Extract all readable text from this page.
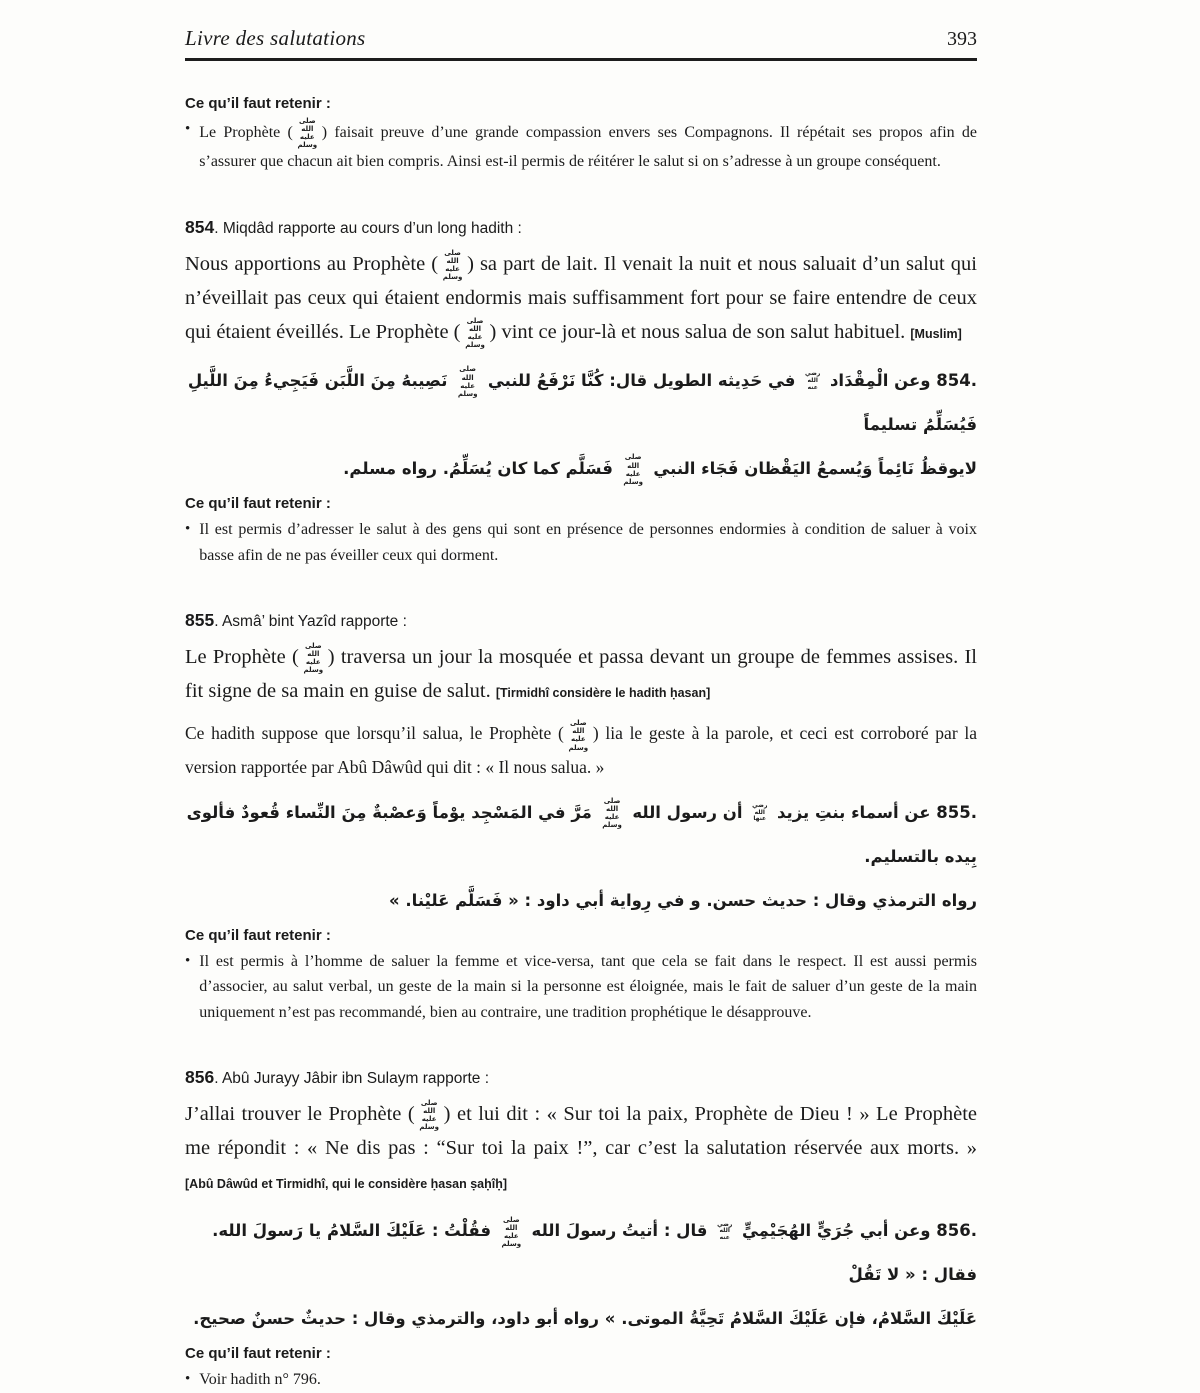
Livre des salutations	393
Ce qu’il faut retenir :
• Le Prophète (صلى الله عليه وسلم) faisait preuve d’une grande compassion envers ses Compagnons. Il répétait ses propos afin de s’assurer que chacun ait bien compris. Ainsi est-il permis de réitérer le salut si on s’adresse à un groupe conséquent.
854. Miqdâd rapporte au cours d’un long hadith :

Nous apportions au Prophète ( صلى الله عليه وسلم) sa part de lait. Il venait la nuit et nous saluait d’un salut qui n’éveillait pas ceux qui étaient endormis mais suffisamment fort pour se faire entendre de ceux qui étaient éveillés. Le Prophète ( صلى الله عليه وسلم) vint ce jour-là et nous salua de son salut habituel. [Muslim]

854. وعن الْمِقْدَاد رضي الله عنه في حَدِيثه الطويل قال: كُنَّا نَرْفَعُ للنبي صلى الله عليه وسلم نَصِيبهُ مِنَ اللَّبَن فَيَجِيءُ مِنَ اللَّيلِ فَيُسَلِّمُ تسليماً
لايوقظُ نَائِماً وَيُسمعُ اليَقْظان فَجَاء النبي صلى الله عليه وسلم فَسَلَّم كما كان يُسَلِّمُ. رواه مسلم.
Ce qu’il faut retenir :
• Il est permis d’adresser le salut à des gens qui sont en présence de personnes endormies à condition de saluer à voix basse afin de ne pas éveiller ceux qui dorment.
855. Asmâ’ bint Yazîd rapporte :

Le Prophète ( صلى الله عليه وسلم) traversa un jour la mosquée et passa devant un groupe de femmes assises. Il fit signe de sa main en guise de salut. [Tirmidhî considère le hadith ḥasan]

Ce hadith suppose que lorsqu’il salua, le Prophète (صلى الله عليه وسلم) lia le geste à la parole, et ceci est corroboré par la version rapportée par Abû Dâwûd qui dit : « Il nous salua. »

855. عن أسماء بنتِ يزيد رضي الله عنها أن رسول الله صلى الله عليه وسلم مَرَّ في المَسْجِد يوْماً وَعصْبةٌ مِنَ النِّساء قُعودٌ فألوى بِيده بالتسليم.
رواه الترمذي وقال : حديث حسن. و في رِواية أبي داود : « فَسَلَّم عَليْنا. »
Ce qu’il faut retenir :
• Il est permis à l’homme de saluer la femme et vice-versa, tant que cela se fait dans le respect. Il est aussi permis d’associer, au salut verbal, un geste de la main si la personne est éloignée, mais le fait de saluer d’un geste de la main uniquement n’est pas recommandé, bien au contraire, une tradition prophétique le désapprouve.
856. Abû Jurayy Jâbir ibn Sulaym rapporte :

J’allai trouver le Prophète ( صلى الله عليه وسلم) et lui dit : « Sur toi la paix, Prophète de Dieu ! » Le Prophète me répondit : « Ne dis pas : “Sur toi la paix !”, car c’est la salutation réservée aux morts. » [Abû Dâwûd et Tirmidhî, qui le considère ḥasan ṣaḥîḥ]

856. وعن أبي جُرَيٍّ الهُجَيْمِيٍّ رضي الله عنه قال : أتيتُ رسولَ الله صلى الله عليه وسلم فقُلْتُ : عَلَيْكَ السَّلامُ يا رَسولَ الله. فقال : « لا تَقُلْ
عَلَيْكَ السَّلامُ، فإن عَلَيْكَ السَّلامُ تَحِيَّةُ الموتى. » رواه أبو داود، والترمذي وقال : حديثٌ حسنٌ صحيح.
Ce qu’il faut retenir :
• Voir hadith n° 796.
